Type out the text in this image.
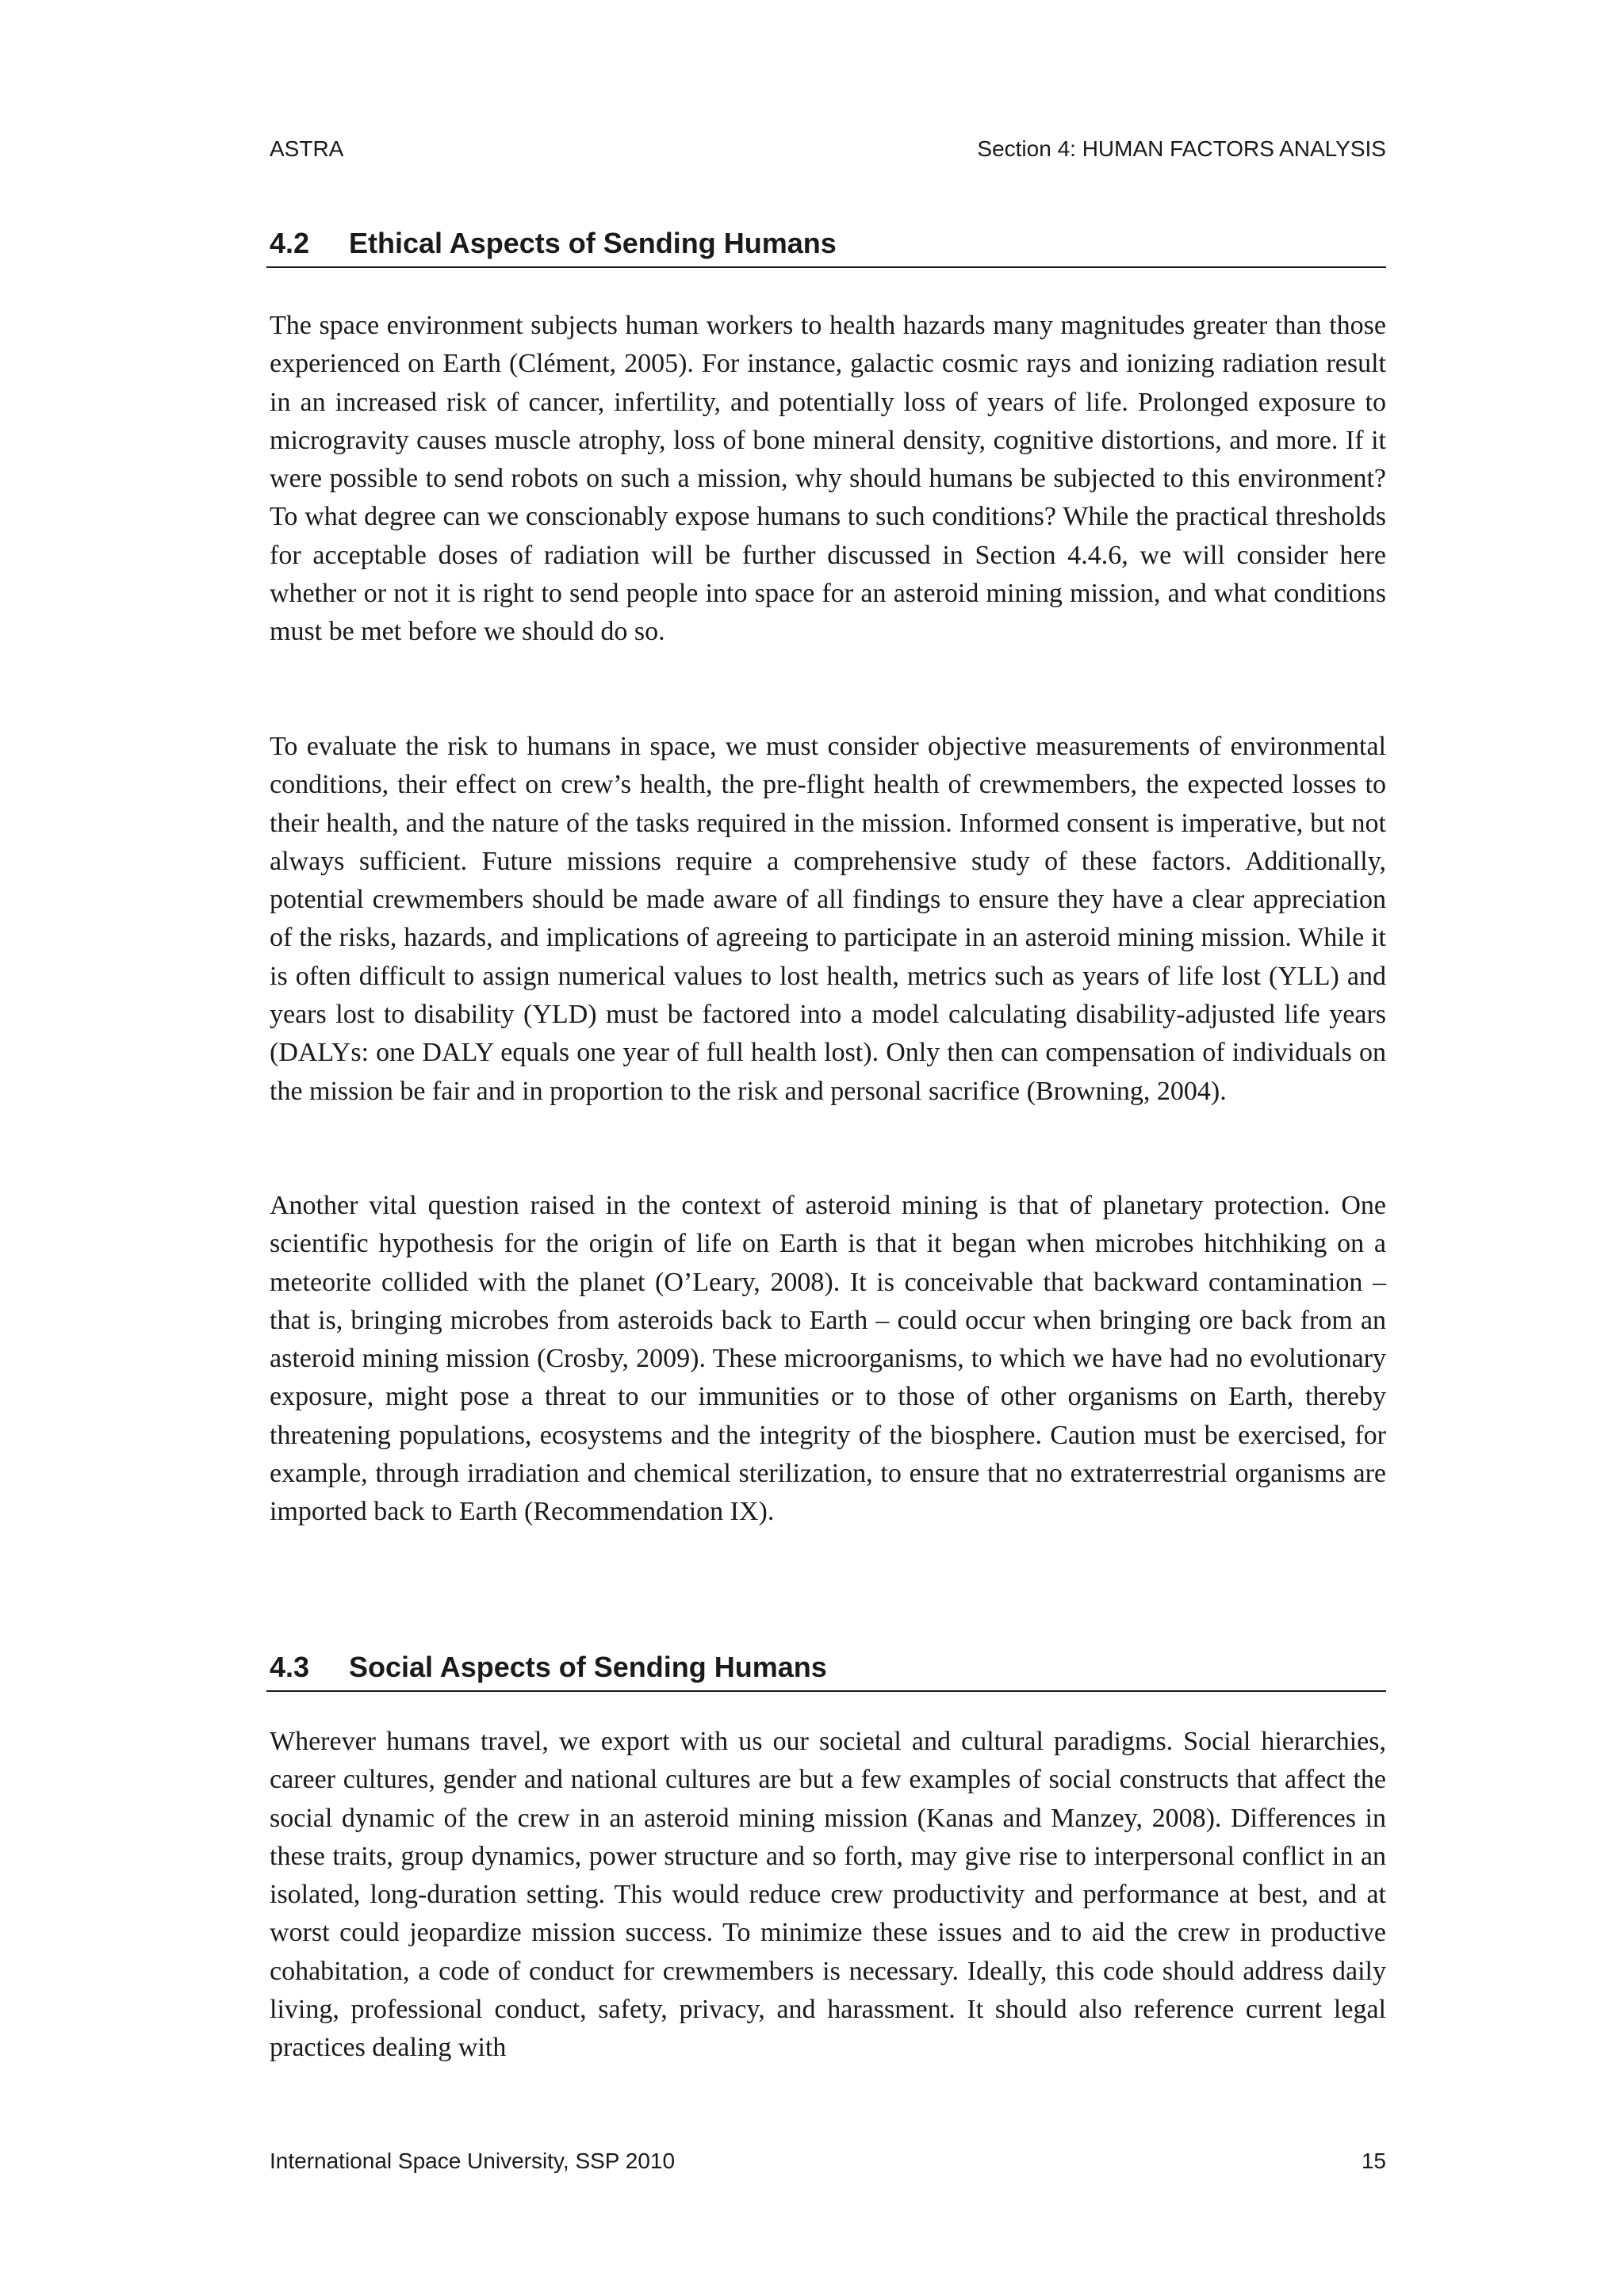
ASTRA	Section 4: HUMAN FACTORS ANALYSIS
4.2 Ethical Aspects of Sending Humans

The space environment subjects human workers to health hazards many magnitudes greater than those experienced on Earth (Clément, 2005). For instance, galactic cosmic rays and ionizing radiation result in an increased risk of cancer, infertility, and potentially loss of years of life. Prolonged exposure to microgravity causes muscle atrophy, loss of bone mineral density, cognitive distortions, and more. If it were possible to send robots on such a mission, why should humans be subjected to this environment? To what degree can we conscionably expose humans to such conditions? While the practical thresholds for acceptable doses of radiation will be further discussed in Section 4.4.6, we will consider here whether or not it is right to send people into space for an asteroid mining mission, and what conditions must be met before we should do so.

To evaluate the risk to humans in space, we must consider objective measurements of environmental conditions, their effect on crew’s health, the pre-flight health of crewmembers, the expected losses to their health, and the nature of the tasks required in the mission. Informed consent is imperative, but not always sufficient. Future missions require a comprehensive study of these factors. Additionally, potential crewmembers should be made aware of all findings to ensure they have a clear appreciation of the risks, hazards, and implications of agreeing to participate in an asteroid mining mission. While it is often difficult to assign numerical values to lost health, metrics such as years of life lost (YLL) and years lost to disability (YLD) must be factored into a model calculating disability-adjusted life years (DALYs: one DALY equals one year of full health lost). Only then can compensation of individuals on the mission be fair and in proportion to the risk and personal sacrifice (Browning, 2004).

Another vital question raised in the context of asteroid mining is that of planetary protection. One scientific hypothesis for the origin of life on Earth is that it began when microbes hitchhiking on a meteorite collided with the planet (O’Leary, 2008). It is conceivable that backward contamination – that is, bringing microbes from asteroids back to Earth – could occur when bringing ore back from an asteroid mining mission (Crosby, 2009). These microorganisms, to which we have had no evolutionary exposure, might pose a threat to our immunities or to those of other organisms on Earth, thereby threatening populations, ecosystems and the integrity of the biosphere. Caution must be exercised, for example, through irradiation and chemical sterilization, to ensure that no extraterrestrial organisms are imported back to Earth (Recommendation IX).

4.3 Social Aspects of Sending Humans

Wherever humans travel, we export with us our societal and cultural paradigms. Social hierarchies, career cultures, gender and national cultures are but a few examples of social constructs that affect the social dynamic of the crew in an asteroid mining mission (Kanas and Manzey, 2008). Differences in these traits, group dynamics, power structure and so forth, may give rise to interpersonal conflict in an isolated, long-duration setting. This would reduce crew productivity and performance at best, and at worst could jeopardize mission success. To minimize these issues and to aid the crew in productive cohabitation, a code of conduct for crewmembers is necessary. Ideally, this code should address daily living, professional conduct, safety, privacy, and harassment. It should also reference current legal practices dealing with

International Space University, SSP 2010	15
